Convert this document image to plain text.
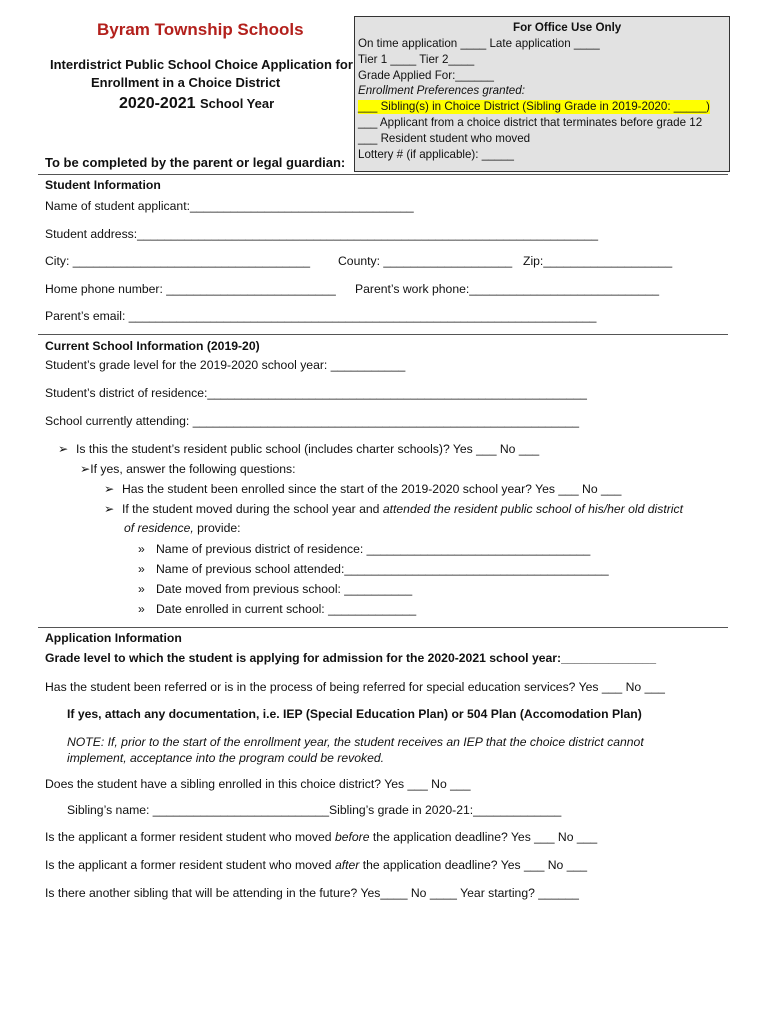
Byram Township Schools
Interdistrict Public School Choice Application for
Enrollment in a Choice District
2020-2021 School Year
To be completed by the parent or legal guardian:
For Office Use Only
On time application ____ Late application ____
Tier 1 ____ Tier 2____
Grade Applied For:______
Enrollment Preferences granted:
___ Sibling(s) in Choice District (Sibling Grade in 2019-2020: _____)
___ Applicant from a choice district that terminates before grade 12
___ Resident student who moved
Lottery # (if applicable): _____
Student Information
Name of student applicant:_________________________________
Student address:____________________________________________________________________
City: ___________________________________ County: ___________________ Zip:___________________
Home phone number: _________________________ Parent’s work phone:____________________________
Parent’s email: _____________________________________________________________________
Current School Information (2019-20)
Student’s grade level for the 2019-2020 school year: ___________
Student’s district of residence:________________________________________________________
School currently attending: _________________________________________________________
➢ Is this the student’s resident public school (includes charter schools)? Yes ___ No ___
➢If yes, answer the following questions:
➢ Has the student been enrolled since the start of the 2019-2020 school year? Yes ___ No ___
➢ If the student moved during the school year and attended the resident public school of his/her old district
of residence, provide:
» Name of previous district of residence: _________________________________
» Name of previous school attended:_______________________________________
» Date moved from previous school: __________
» Date enrolled in current school: _____________
Application Information
Grade level to which the student is applying for admission for the 2020-2021 school year:______________
Has the student been referred or is in the process of being referred for special education services? Yes ___ No ___
If yes, attach any documentation, i.e. IEP (Special Education Plan) or 504 Plan (Accomodation Plan)
NOTE: If, prior to the start of the enrollment year, the student receives an IEP that the choice district cannot
implement, acceptance into the program could be revoked.
Does the student have a sibling enrolled in this choice district? Yes ___ No ___
Sibling’s name: __________________________Sibling’s grade in 2020-21:_____________
Is the applicant a former resident student who moved before the application deadline? Yes ___ No ___
Is the applicant a former resident student who moved after the application deadline? Yes ___ No ___
Is there another sibling that will be attending in the future? Yes____ No ____ Year starting? ______
